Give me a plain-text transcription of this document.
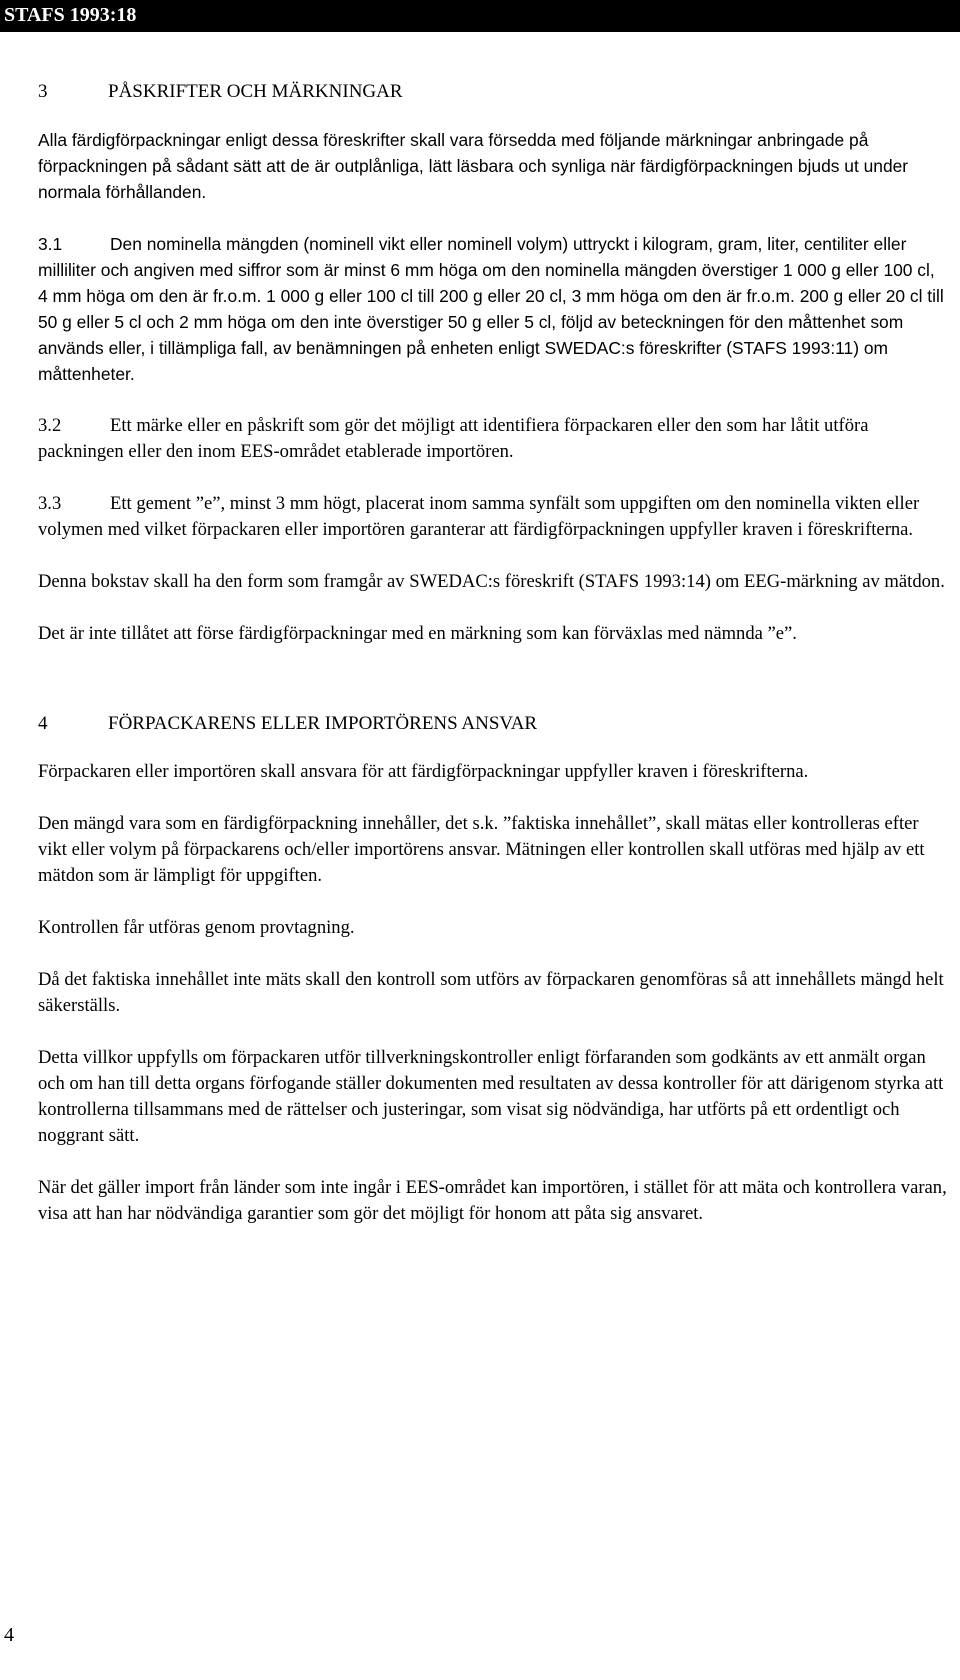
STAFS 1993:18
3	PÅSKRIFTER OCH MÄRKNINGAR

Alla färdigförpackningar enligt dessa föreskrifter skall vara försedda med följande märkningar anbringade på förpackningen på sådant sätt att de är outplånliga, lätt läsbara och synliga när färdigförpackningen bjuds ut under normala förhållanden.

3.1	Den nominella mängden (nominell vikt eller nominell volym) uttryckt i kilogram, gram, liter, centiliter eller milliliter och angiven med siffror som är minst 6 mm höga om den nominella mängden överstiger 1 000 g eller 100 cl, 4 mm höga om den är fr.o.m. 1 000 g eller 100 cl till 200 g eller 20 cl, 3 mm höga om den är fr.o.m. 200 g eller 20 cl till 50 g eller 5 cl och 2 mm höga om den inte överstiger 50 g eller 5 cl, följd av beteckningen för den måttenhet som används eller, i tillämpliga fall, av benämningen på enheten enligt SWEDAC:s föreskrifter (STAFS 1993:11) om måttenheter.

3.2	Ett märke eller en påskrift som gör det möjligt att identifiera förpackaren eller den som har låtit utföra packningen eller den inom EES-området etablerade importören.

3.3	Ett gement ”e”, minst 3 mm högt, placerat inom samma synfält som uppgiften om den nominella vikten eller volymen med vilket förpackaren eller importören garanterar att färdigförpackningen uppfyller kraven i föreskrifterna.

Denna bokstav skall ha den form som framgår av SWEDAC:s föreskrift (STAFS 1993:14) om EEG-märkning av mätdon.

Det är inte tillåtet att förse färdigförpackningar med en märkning som kan förväxlas med nämnda ”e”.

4	FÖRPACKARENS ELLER IMPORTÖRENS ANSVAR

Förpackaren eller importören skall ansvara för att färdigförpackningar uppfyller kraven i föreskrifterna.

Den mängd vara som en färdigförpackning innehåller, det s.k. ”faktiska innehållet”, skall mätas eller kontrolleras efter vikt eller volym på förpackarens och/eller importörens ansvar. Mätningen eller kontrollen skall utföras med hjälp av ett mätdon som är lämpligt för uppgiften.

Kontrollen får utföras genom provtagning.

Då det faktiska innehållet inte mäts skall den kontroll som utförs av förpackaren genomföras så att innehållets mängd helt säkerställs.

Detta villkor uppfylls om förpackaren utför tillverkningskontroller enligt förfaranden som godkänts av ett anmält organ och om han till detta organs förfogande ställer dokumenten med resultaten av dessa kontroller för att därigenom styrka att kontrollerna tillsammans med de rättelser och justeringar, som visat sig nödvändiga, har utförts på ett ordentligt och noggrant sätt.

När det gäller import från länder som inte ingår i EES-området kan importören, i stället för att mäta och kontrollera varan, visa att han har nödvändiga garantier som gör det möjligt för honom att påta sig ansvaret.

4
